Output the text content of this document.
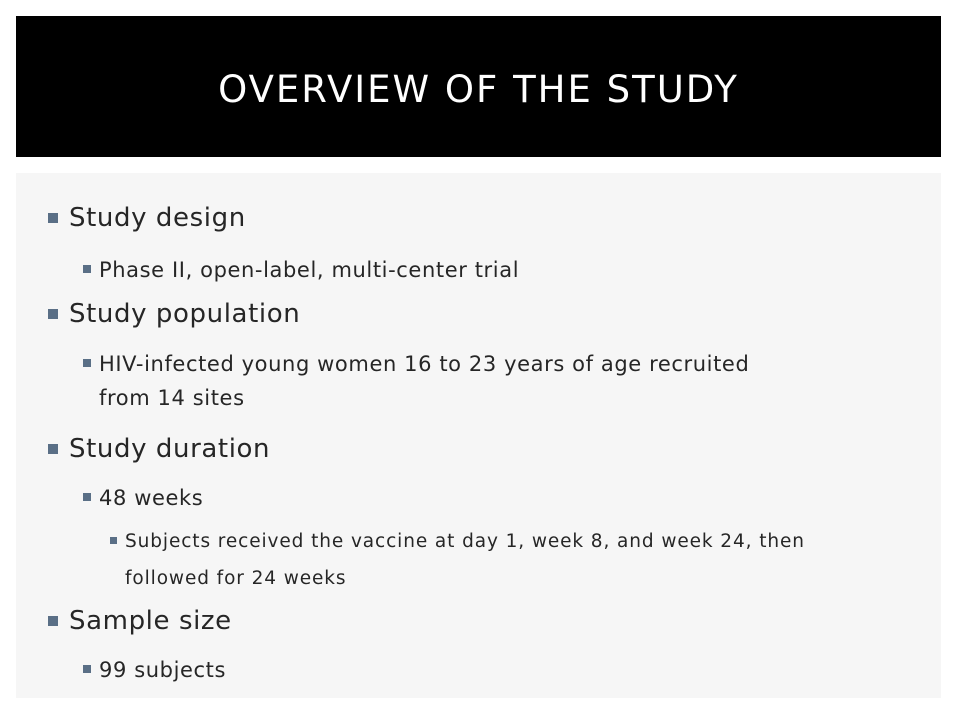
OVERVIEW OF THE STUDY
Study design
Phase II, open-label, multi-center trial
Study population
HIV-infected young women 16 to 23 years of age recruited from 14 sites
Study duration
48 weeks
Subjects received the vaccine at day 1, week 8, and week 24, then followed for 24 weeks
Sample size
99 subjects
